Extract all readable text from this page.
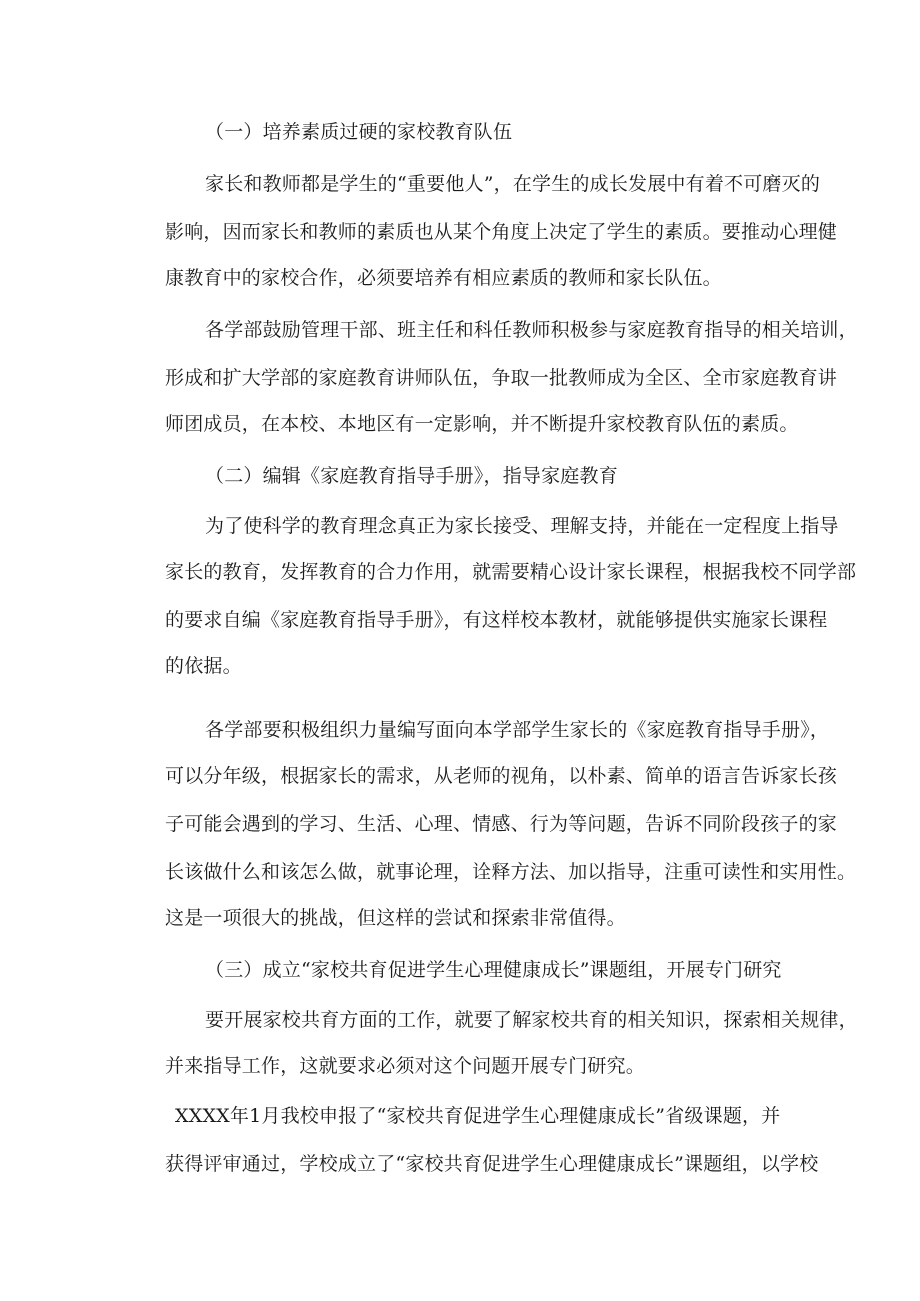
（一）培养素质过硬的家校教育队伍
家长和教师都是学生的“重要他人”，在学生的成长发展中有着不可磨灭的
影响，因而家长和教师的素质也从某个角度上决定了学生的素质。要推动心理健
康教育中的家校合作，必须要培养有相应素质的教师和家长队伍。
各学部鼓励管理干部、班主任和科任教师积极参与家庭教育指导的相关培训，
形成和扩大学部的家庭教育讲师队伍，争取一批教师成为全区、全市家庭教育讲
师团成员，在本校、本地区有一定影响，并不断提升家校教育队伍的素质。
（二）编辑《家庭教育指导手册》，指导家庭教育
为了使科学的教育理念真正为家长接受、理解支持，并能在一定程度上指导
家长的教育，发挥教育的合力作用，就需要精心设计家长课程，根据我校不同学部
的要求自编《家庭教育指导手册》，有这样校本教材，就能够提供实施家长课程
的依据。
各学部要积极组织力量编写面向本学部学生家长的《家庭教育指导手册》，
可以分年级，根据家长的需求，从老师的视角，以朴素、简单的语言告诉家长孩
子可能会遇到的学习、生活、心理、情感、行为等问题，告诉不同阶段孩子的家
长该做什么和该怎么做，就事论理，诠释方法、加以指导，注重可读性和实用性。
这是一项很大的挑战，但这样的尝试和探索非常值得。
（三）成立“家校共育促进学生心理健康成长”课题组，开展专门研究
要开展家校共育方面的工作，就要了解家校共育的相关知识，探索相关规律，
并来指导工作，这就要求必须对这个问题开展专门研究。
XXXX年1月我校申报了“家校共育促进学生心理健康成长”省级课题，并
获得评审通过，学校成立了“家校共育促进学生心理健康成长”课题组，以学校
